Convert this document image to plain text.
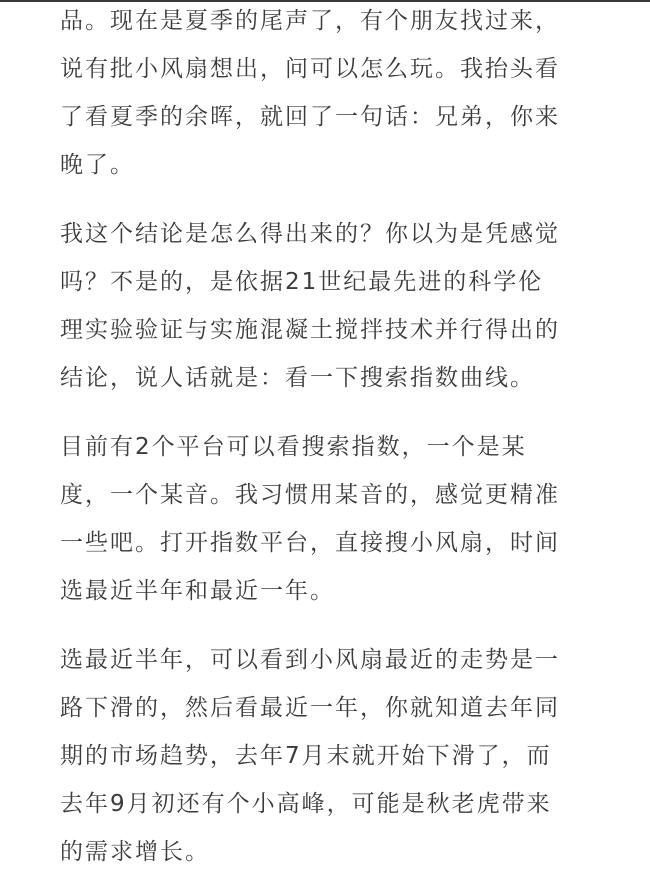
品。现在是夏季的尾声了，有个朋友找过来，
说有批小风扇想出，问可以怎么玩。我抬头看
了看夏季的余晖，就回了一句话：兄弟，你来
晚了。

我这个结论是怎么得出来的？你以为是凭感觉
吗？不是的，是依据21世纪最先进的科学伦
理实验验证与实施混凝土搅拌技术并行得出的
结论，说人话就是：看一下搜索指数曲线。

目前有2个平台可以看搜索指数，一个是某
度，一个某音。我习惯用某音的，感觉更精准
一些吧。打开指数平台，直接搜小风扇，时间
选最近半年和最近一年。

选最近半年，可以看到小风扇最近的走势是一
路下滑的，然后看最近一年，你就知道去年同
期的市场趋势，去年7月末就开始下滑了，而
去年9月初还有个小高峰，可能是秋老虎带来
的需求增长。
